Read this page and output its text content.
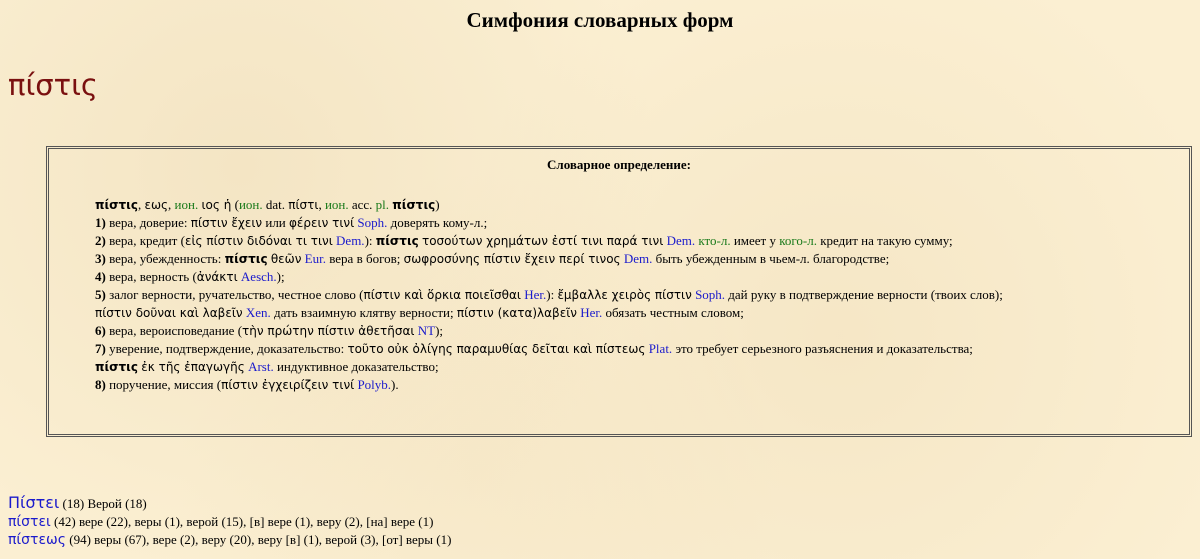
Симфония словарных форм
πίστις
Словарное определение:
πίστις, εως, ион. ιος ἡ (ион. dat. πίστι, ион. acc. pl. πίστις)
1) вера, доверие: πίστιν ἔχειν или φέρειν τινί Soph. доверять кому-л.;
2) вера, кредит (εἰς πίστιν διδόναι τι τινι Dem.): πίστις τοσούτων χρημάτων ἐστί τινι παρά τινι Dem. кто-л. имеет у кого-л. кредит на такую сумму;
3) вера, убежденность: πίστις θεῶν Eur. вера в богов; σωφροσύνης πίστιν ἔχειν περί τινος Dem. быть убежденным в чьем-л. благородстве;
4) вера, верность (ἀνάκτι Aesch.);
5) залог верности, ручательство, честное слово (πίστιν καὶ ὅρκια ποιεῖσθαι Her.): ἔμβαλλε χειρὸς πίστιν Soph. дай руку в подтверждение верности (твоих слов);
πίστιν δοῦναι καὶ λαβεῖν Xen. дать взаимную клятву верности; πίστιν (κατα)λαβεῖν Her. обязать честным словом;
6) вера, вероисповедание (τὴν πρώτην πίστιν ἀθετῆσαι NT);
7) уверение, подтверждение, доказательство: τοῦτο οὐκ ὀλίγης παραμυθίας δεῖται καὶ πίστεως Plat. это требует серьезного разъяснения и доказательства;
πίστις ἐκ τῆς ἐπαγωγῆς Arst. индуктивное доказательство;
8) поручение, миссия (πίστιν ἐγχειρίζειν τινί Polyb.).
Πίστει (18) Верой (18)
πίστει (42) вере (22), веры (1), верой (15), [в] вере (1), веру (2), [на] вере (1)
πίστεως (94) веры (67), вере (2), веру (20), веру [в] (1), верой (3), [от] веры (1)
